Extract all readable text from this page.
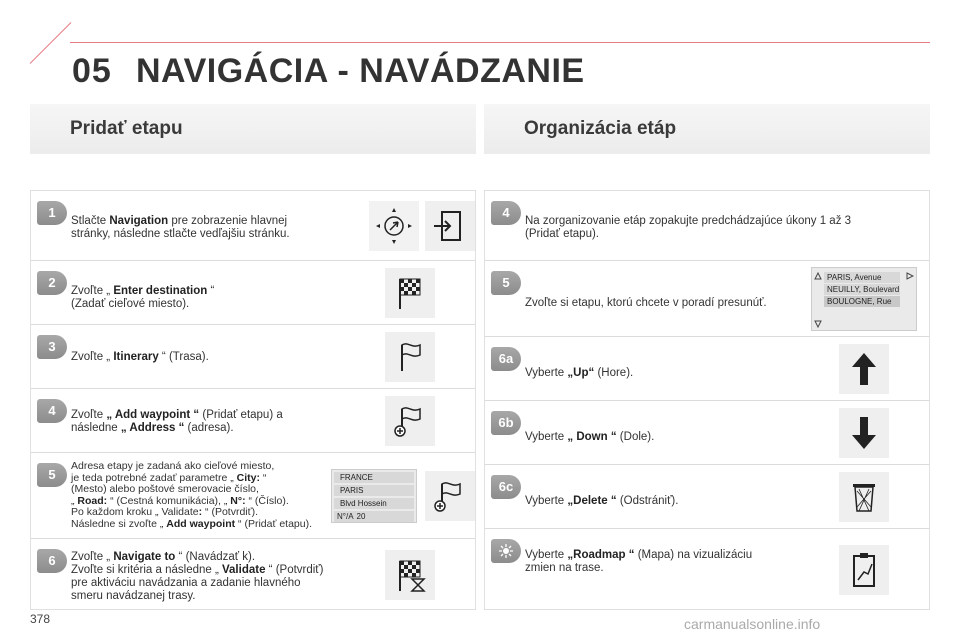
05 NAVIGÁCIA - NAVÁDZANIE
Pridať etapu	Organizácia etáp
1
Stlačte Navigation pre zobrazenie hlavnej
stránky, následne stlačte vedľajšiu stránku.
2
Zvoľte „ Enter destination “
(Zadať cieľové miesto).
3
Zvoľte „ Itinerary “ (Trasa).
4	Zvoľte „ Add waypoint “ (Pridať etapu) a
následne „ Address “ (adresa).
5
Adresa etapy je zadaná ako cieľové miesto,
je teda potrebné zadať parametre „ City: “
(Mesto) alebo poštové smerovacie číslo,
„ Road: “ (Cestná komunikácia), „ N°: “ (Číslo).
Po každom kroku „ Validate: “ (Potvrdiť).
Následne si zvoľte „ Add waypoint “ (Pridať etapu).
FRANCE
PARIS
Blvd Hossein
N°/A 20
6	Zvoľte „ Navigate to “ (Navádzať k).
Zvoľte si kritéria a následne „ Validate “ (Potvrdiť)
pre aktiváciu navádzania a zadanie hlavného
smeru navádzanej trasy.
4
Na zorganizovanie etáp zopakujte predchádzajúce úkony 1 až 3
(Pridať etapu).
5
Zvoľte si etapu, ktorú chcete v poradí presunúť.
PARIS, Avenue
NEUILLY, Boulevard
BOULOGNE, Rue
6a
Vyberte „Up“ (Hore).
6b
Vyberte „ Down “ (Dole).
6c
Vyberte „Delete “ (Odstrániť).
Vyberte „Roadmap “ (Mapa) na vizualizáciu
zmien na trase.
378	carmanualsonline.info
